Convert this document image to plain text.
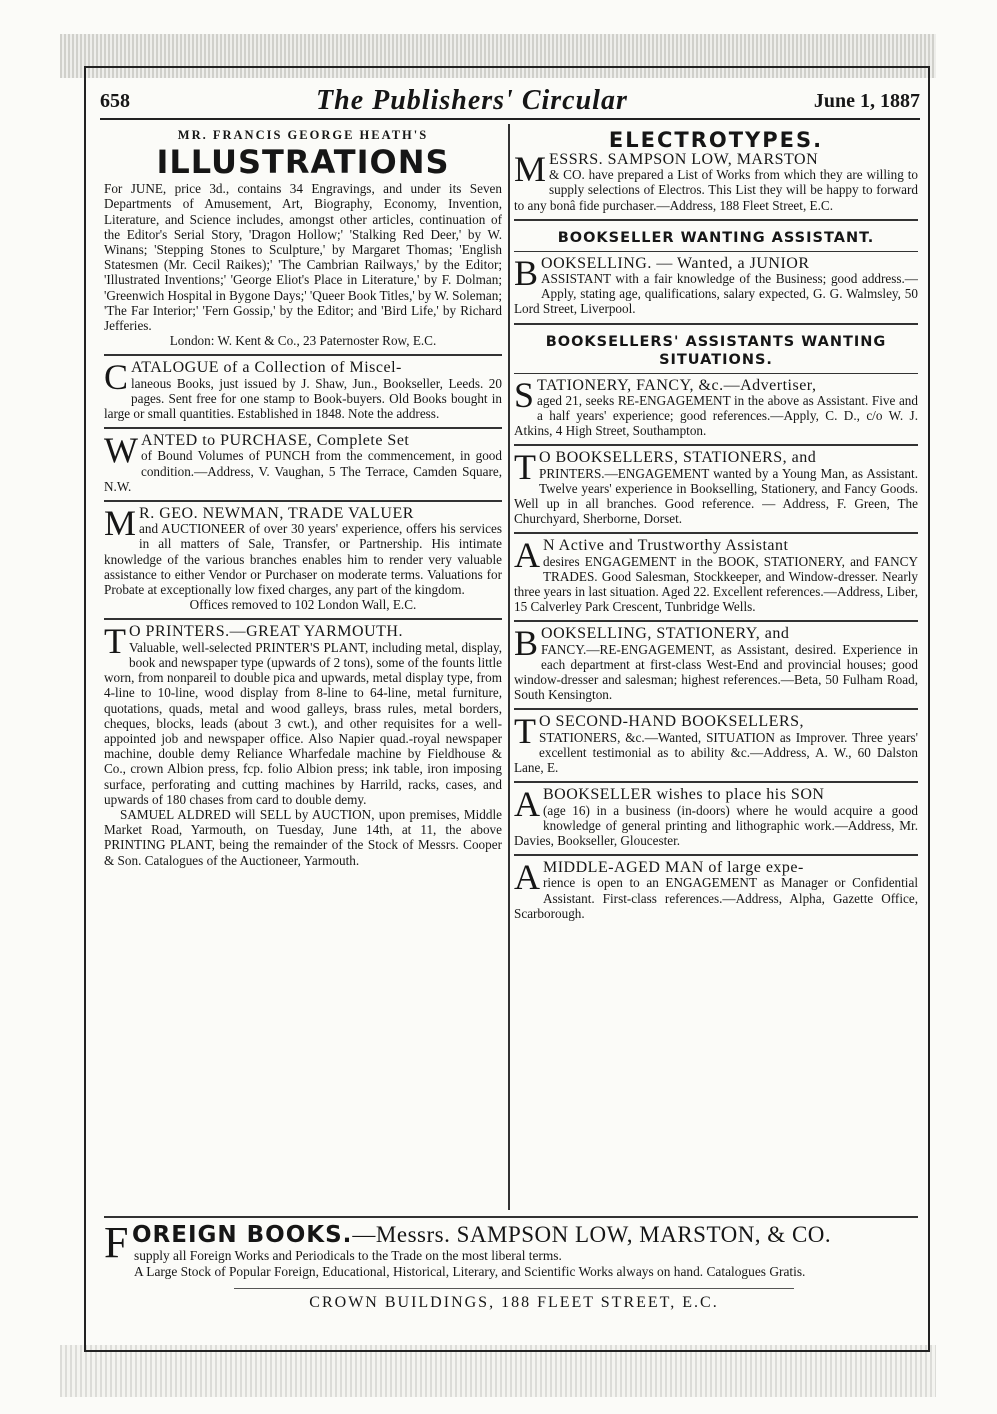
658	The Publishers' Circular	June 1, 1887
MR. FRANCIS GEORGE HEATH'S
ILLUSTRATIONS

For JUNE, price 3d., contains 34 Engravings, and under its Seven Departments of Amusement, Art, Biography, Economy, Invention, Literature, and Science includes, amongst other articles, continuation of the Editor's Serial Story, 'Dragon Hollow;' 'Stalking Red Deer,' by W. Winans; 'Stepping Stones to Sculpture,' by Margaret Thomas; 'English Statesmen (Mr. Cecil Raikes);' 'The Cambrian Railways,' by the Editor; 'Illustrated Inventions;' 'George Eliot's Place in Literature,' by F. Dolman; 'Greenwich Hospital in Bygone Days;' 'Queer Book Titles,' by W. Soleman; 'The Far Interior;' 'Fern Gossip,' by the Editor; and 'Bird Life,' by Richard Jefferies.

London: W. Kent & Co., 23 Paternoster Row, E.C.

C ATALOGUE of a Collection of Miscel-

laneous Books, just issued by J. Shaw, Jun., Bookseller, Leeds. 20 pages. Sent free for one stamp to Book-buyers. Old Books bought in large or small quantities. Established in 1848. Note the address.

W ANTED to PURCHASE, Complete Set

of Bound Volumes of PUNCH from the commencement, in good condition.—Address, V. Vaughan, 5 The Terrace, Camden Square, N.W.

M R. GEO. NEWMAN, TRADE VALUER

and AUCTIONEER of over 30 years' experience, offers his services in all matters of Sale, Transfer, or Partnership. His intimate knowledge of the various branches enables him to render very valuable assistance to either Vendor or Purchaser on moderate terms. Valuations for Probate at exceptionally low fixed charges, any part of the kingdom.

Offices removed to 102 London Wall, E.C.

T O PRINTERS.—GREAT YARMOUTH.

Valuable, well-selected PRINTER'S PLANT, including metal, display, book and newspaper type (upwards of 2 tons), some of the founts little worn, from nonpareil to double pica and upwards, metal display type, from 4-line to 10-line, wood display from 8-line to 64-line, metal furniture, quotations, quads, metal and wood galleys, brass rules, metal borders, cheques, blocks, leads (about 3 cwt.), and other requisites for a well-appointed job and newspaper office. Also Napier quad.-royal newspaper machine, double demy Reliance Wharfedale machine by Fieldhouse & Co., crown Albion press, fcp. folio Albion press; ink table, iron imposing surface, perforating and cutting machines by Harrild, racks, cases, and upwards of 180 chases from card to double demy.

SAMUEL ALDRED will SELL by AUCTION, upon premises, Middle Market Road, Yarmouth, on Tuesday, June 14th, at 11, the above PRINTING PLANT, being the remainder of the Stock of Messrs. Cooper & Son. Catalogues of the Auctioneer, Yarmouth.

ELECTROTYPES.
M ESSRS. SAMPSON LOW, MARSTON

& CO. have prepared a List of Works from which they are willing to supply selections of Electros. This List they will be happy to forward to any bonâ fide purchaser.—Address, 188 Fleet Street, E.C.

BOOKSELLER WANTING ASSISTANT.
B OOKSELLING. — Wanted, a JUNIOR

ASSISTANT with a fair knowledge of the Business; good address.—Apply, stating age, qualifications, salary expected, G. G. Walmsley, 50 Lord Street, Liverpool.

BOOKSELLERS' ASSISTANTS WANTING SITUATIONS.
S TATIONERY, FANCY, &c.—Advertiser,

aged 21, seeks RE-ENGAGEMENT in the above as Assistant. Five and a half years' experience; good references.—Apply, C. D., c/o W. J. Atkins, 4 High Street, Southampton.

T O BOOKSELLERS, STATIONERS, and

PRINTERS.—ENGAGEMENT wanted by a Young Man, as Assistant. Twelve years' experience in Bookselling, Stationery, and Fancy Goods. Well up in all branches. Good reference. — Address, F. Green, The Churchyard, Sherborne, Dorset.

A N Active and Trustworthy Assistant

desires ENGAGEMENT in the BOOK, STATIONERY, and FANCY TRADES. Good Salesman, Stockkeeper, and Window-dresser. Nearly three years in last situation. Aged 22. Excellent references.—Address, Liber, 15 Calverley Park Crescent, Tunbridge Wells.

B OOKSELLING, STATIONERY, and

FANCY.—RE-ENGAGEMENT, as Assistant, desired. Experience in each department at first-class West-End and provincial houses; good window-dresser and salesman; highest references.—Beta, 50 Fulham Road, South Kensington.

T O SECOND-HAND BOOKSELLERS,

STATIONERS, &c.—Wanted, SITUATION as Improver. Three years' excellent testimonial as to ability &c.—Address, A. W., 60 Dalston Lane, E.

A BOOKSELLER wishes to place his SON

(age 16) in a business (in-doors) where he would acquire a good knowledge of general printing and lithographic work.—Address, Mr. Davies, Bookseller, Gloucester.

A MIDDLE-AGED MAN of large expe-

rience is open to an ENGAGEMENT as Manager or Confidential Assistant. First-class references.—Address, Alpha, Gazette Office, Scarborough.

FOREIGN BOOKS.—Messrs. SAMPSON LOW, MARSTON, & CO.

supply all Foreign Works and Periodicals to the Trade on the most liberal terms.

A Large Stock of Popular Foreign, Educational, Historical, Literary, and Scientific Works always on hand. Catalogues Gratis.

CROWN BUILDINGS, 188 FLEET STREET, E.C.
